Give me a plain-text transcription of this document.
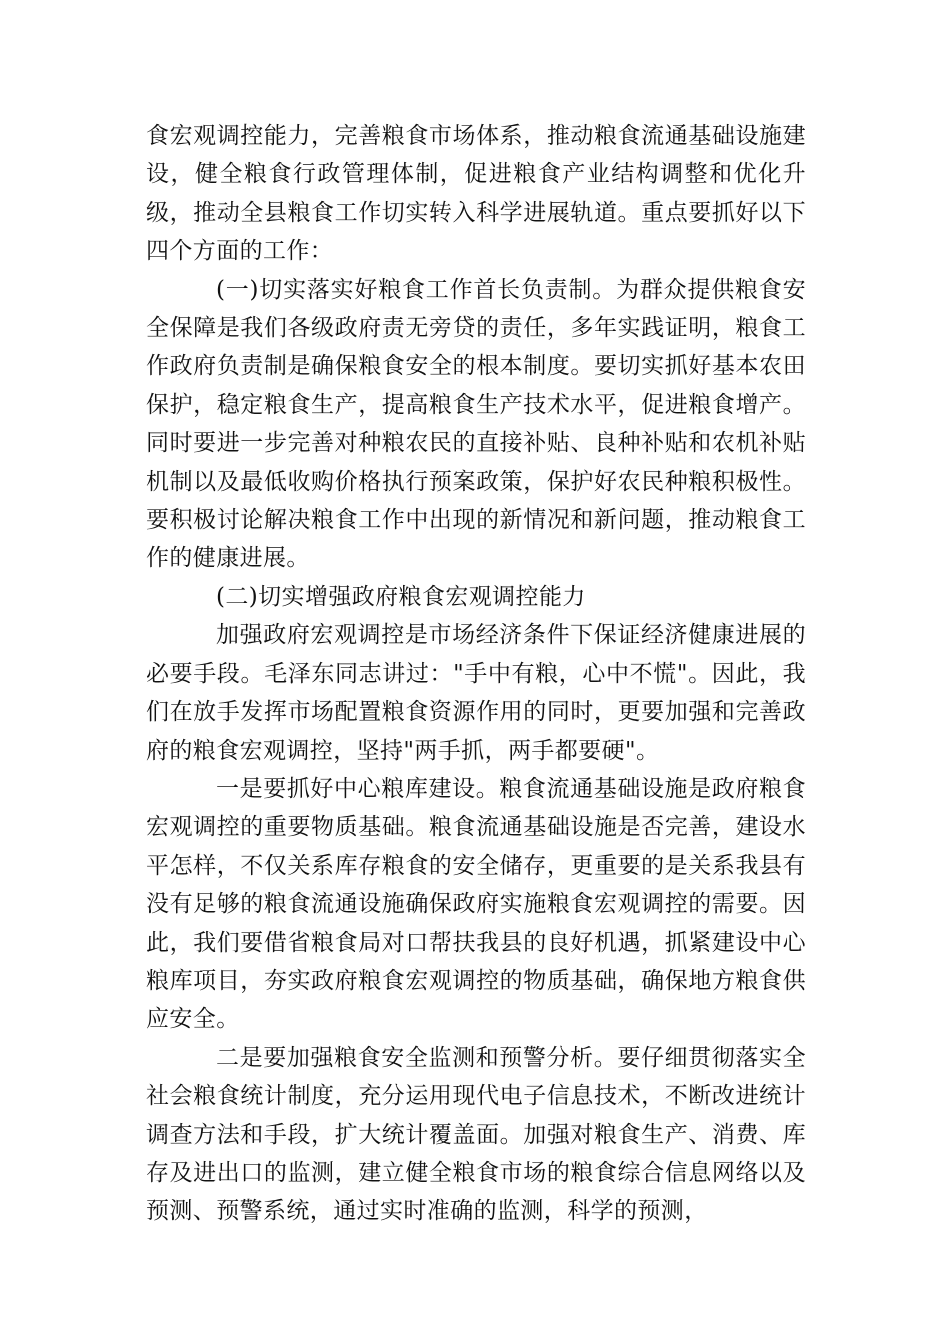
食宏观调控能力，完善粮食市场体系，推动粮食流通基础设施建设，健全粮食行政管理体制，促进粮食产业结构调整和优化升级，推动全县粮食工作切实转入科学进展轨道。重点要抓好以下四个方面的工作：

(一)切实落实好粮食工作首长负责制。为群众提供粮食安全保障是我们各级政府责无旁贷的责任，多年实践证明，粮食工作政府负责制是确保粮食安全的根本制度。要切实抓好基本农田保护，稳定粮食生产，提高粮食生产技术水平，促进粮食增产。同时要进一步完善对种粮农民的直接补贴、良种补贴和农机补贴机制以及最低收购价格执行预案政策，保护好农民种粮积极性。要积极讨论解决粮食工作中出现的新情况和新问题，推动粮食工作的健康进展。

(二)切实增强政府粮食宏观调控能力

加强政府宏观调控是市场经济条件下保证经济健康进展的必要手段。毛泽东同志讲过："手中有粮，心中不慌"。因此，我们在放手发挥市场配置粮食资源作用的同时，更要加强和完善政府的粮食宏观调控，坚持"两手抓，两手都要硬"。

一是要抓好中心粮库建设。粮食流通基础设施是政府粮食宏观调控的重要物质基础。粮食流通基础设施是否完善，建设水平怎样，不仅关系库存粮食的安全储存，更重要的是关系我县有没有足够的粮食流通设施确保政府实施粮食宏观调控的需要。因此，我们要借省粮食局对口帮扶我县的良好机遇，抓紧建设中心粮库项目，夯实政府粮食宏观调控的物质基础，确保地方粮食供应安全。

二是要加强粮食安全监测和预警分析。要仔细贯彻落实全社会粮食统计制度，充分运用现代电子信息技术，不断改进统计调查方法和手段，扩大统计覆盖面。加强对粮食生产、消费、库存及进出口的监测，建立健全粮食市场的粮食综合信息网络以及预测、预警系统，通过实时准确的监测，科学的预测，
